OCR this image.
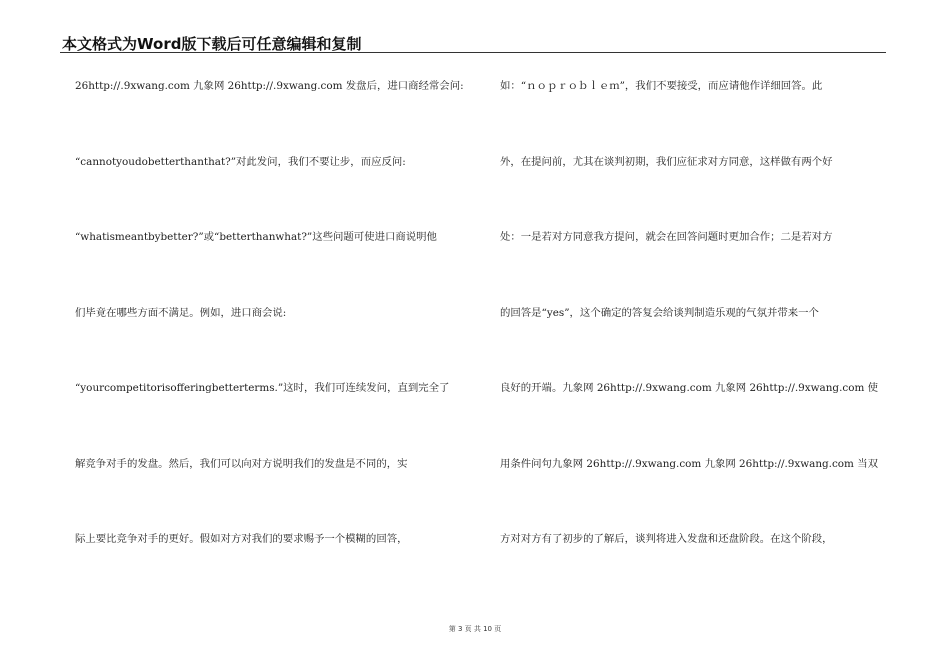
本文格式为Word版下载后可任意编辑和复制
26http://.9xwang.com 九象网 26http://.9xwang.com 发盘后，进口商经常会问:
“cannotyoudobetterthanthat?”对此发问，我们不要让步，而应反问:
“whatismeantbybetter?”或“betterthanwhat?”这些问题可使进口商说明他
们毕竟在哪些方面不满足。例如，进口商会说:
“yourcompetitorisofferingbetterterms.”这时，我们可连续发问，直到完全了
解竞争对手的发盘。然后，我们可以向对方说明我们的发盘是不同的，实
际上要比竞争对手的更好。假如对方对我们的要求赐予一个模糊的回答，
如：“ｎｏｐｒｏｂｌｅｍ”，我们不要接受，而应请他作详细回答。此
外，在提问前，尤其在谈判初期，我们应征求对方同意，这样做有两个好
处：一是若对方同意我方提问，就会在回答问题时更加合作；二是若对方
的回答是“yes”，这个确定的答复会给谈判制造乐观的气氛并带来一个
良好的开端。九象网 26http://.9xwang.com 九象网 26http://.9xwang.com 使
用条件问句九象网 26http://.9xwang.com 九象网 26http://.9xwang.com 当双
方对对方有了初步的了解后，谈判将进入发盘和还盘阶段。在这个阶段，
第 3 页 共 10 页
